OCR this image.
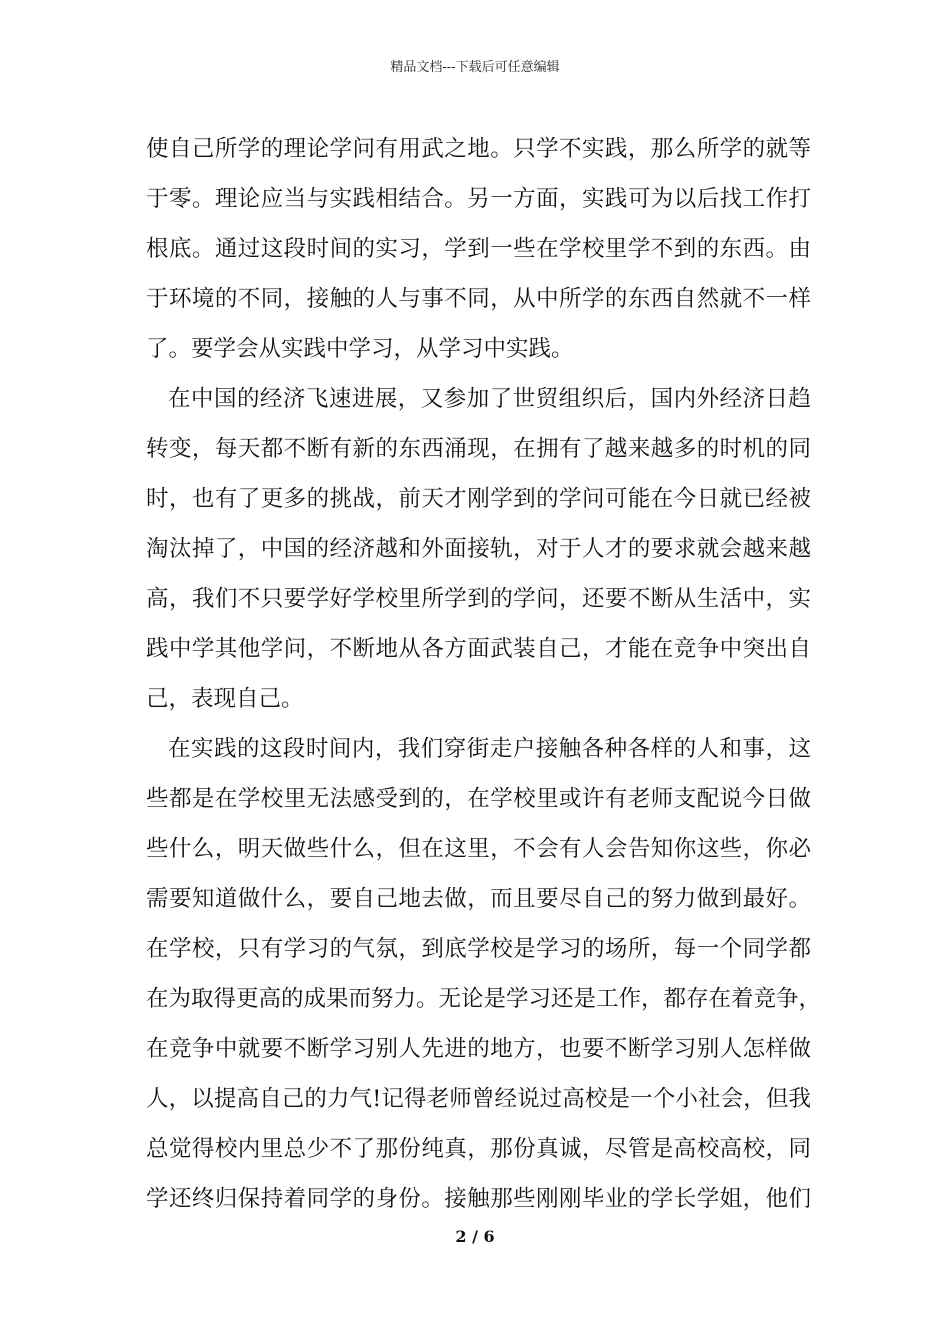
精品文档---下载后可任意编辑
使自己所学的理论学问有用武之地。只学不实践，那么所学的就等
于零。理论应当与实践相结合。另一方面，实践可为以后找工作打
根底。通过这段时间的实习，学到一些在学校里学不到的东西。由
于环境的不同，接触的人与事不同，从中所学的东西自然就不一样
了。要学会从实践中学习，从学习中实践。
在中国的经济飞速进展，又参加了世贸组织后，国内外经济日趋
转变，每天都不断有新的东西涌现，在拥有了越来越多的时机的同
时，也有了更多的挑战，前天才刚学到的学问可能在今日就已经被
淘汰掉了，中国的经济越和外面接轨，对于人才的要求就会越来越
高，我们不只要学好学校里所学到的学问，还要不断从生活中，实
践中学其他学问，不断地从各方面武装自己，才能在竞争中突出自
己，表现自己。
在实践的这段时间内，我们穿街走户接触各种各样的人和事，这
些都是在学校里无法感受到的，在学校里或许有老师支配说今日做
些什么，明天做些什么，但在这里，不会有人会告知你这些，你必
需要知道做什么，要自己地去做，而且要尽自己的努力做到最好。
在学校，只有学习的气氛，到底学校是学习的场所，每一个同学都
在为取得更高的成果而努力。无论是学习还是工作，都存在着竞争，
在竞争中就要不断学习别人先进的地方，也要不断学习别人怎样做
人，以提高自己的力气!记得老师曾经说过高校是一个小社会，但我
总觉得校内里总少不了那份纯真，那份真诚，尽管是高校高校，同
学还终归保持着同学的身份。接触那些刚刚毕业的学长学姐，他们
2 / 6
